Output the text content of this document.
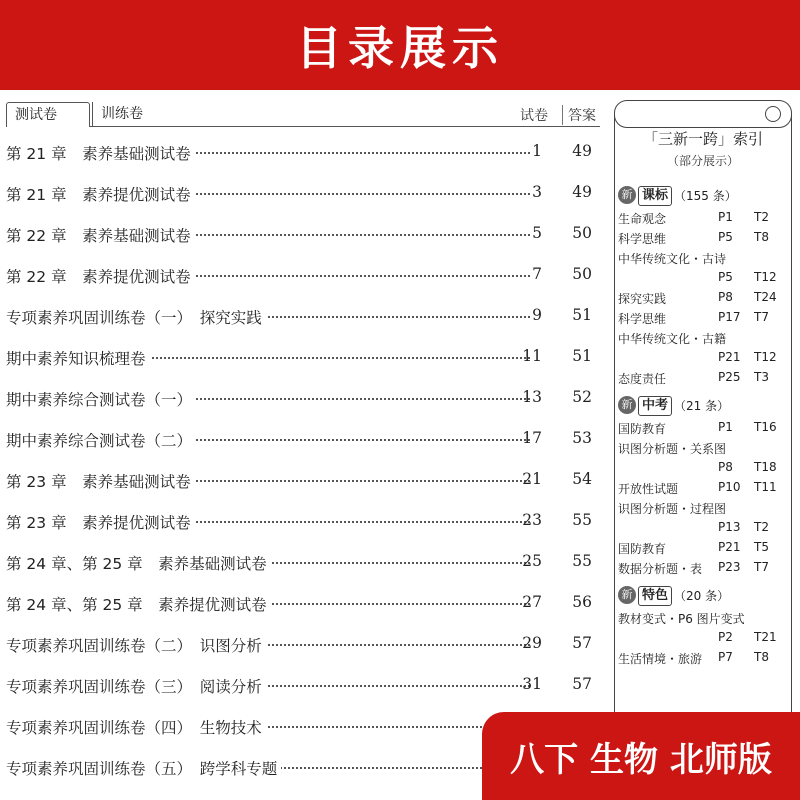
目录展示
测试卷	训练卷	试卷	答案
第 21 章　素养基础测试卷	1	49
第 21 章　素养提优测试卷	3	49
第 22 章　素养基础测试卷	5	50
第 22 章　素养提优测试卷	7	50
专项素养巩固训练卷（一）　探究实践	9	51
期中素养知识梳理卷	11	51
期中素养综合测试卷（一）	13	52
期中素养综合测试卷（二）	17	53
第 23 章　素养基础测试卷	21	54
第 23 章　素养提优测试卷	23	55
第 24 章、第 25 章　素养基础测试卷	25	55
第 24 章、第 25 章　素养提优测试卷	27	56
专项素养巩固训练卷（二）　识图分析	29	57
专项素养巩固训练卷（三）　阅读分析	31	57
专项素养巩固训练卷（四）　生物技术
专项素养巩固训练卷（五）　跨学科专题
「三新一跨」索引
（部分展示）
新 课标 （155 条）
生命观念	P1 T2
科学思维	P5 T8
中华传统文化・古诗
P5 T12
探究实践	P8 T24
科学思维	P17 T7
中华传统文化・古籍
P21 T12
态度责任	P25 T3
新 中考 （21 条）
国防教育	P1 T16
识图分析题・关系图
P8 T18
开放性试题	P10 T11
识图分析题・过程图
P13 T2
国防教育	P21 T5
数据分析题・表 P23 T7
新 特色 （20 条）
教材变式・P6 图片变式
P2 T21
生活情境・旅游 P7 T8
八下 生物 北师版
